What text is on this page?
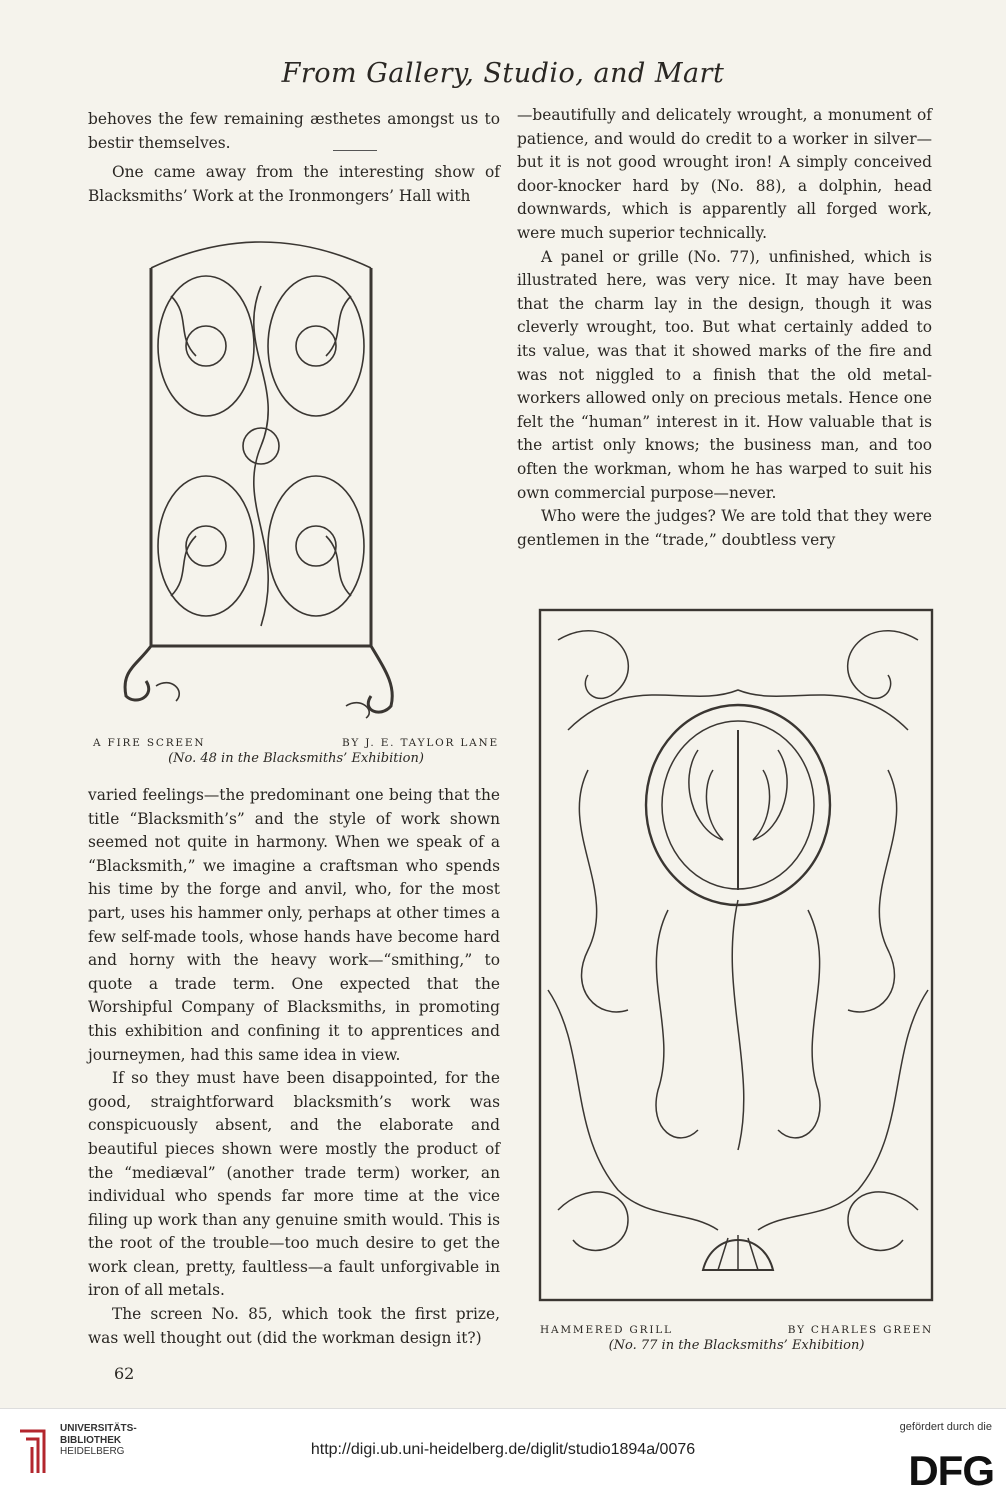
From Gallery, Studio, and Mart

behoves the few remaining æsthetes amongst us to bestir themselves.

One came away from the interesting show of Blacksmiths’ Work at the Ironmongers’ Hall with

A FIRE SCREEN	BY J. E. TAYLOR LANE
(No. 48 in the Blacksmiths’ Exhibition)

varied feelings—the predominant one being that the title “Blacksmith’s” and the style of work shown seemed not quite in harmony. When we speak of a “Blacksmith,” we imagine a craftsman who spends his time by the forge and anvil, who, for the most part, uses his hammer only, perhaps at other times a few self-made tools, whose hands have become hard and horny with the heavy work—“smithing,” to quote a trade term. One expected that the Worshipful Company of Blacksmiths, in promoting this exhibition and confining it to apprentices and journeymen, had this same idea in view.

If so they must have been disappointed, for the good, straightforward blacksmith’s work was conspicuously absent, and the elaborate and beautiful pieces shown were mostly the product of the “mediæval” (another trade term) worker, an individual who spends far more time at the vice filing up work than any genuine smith would. This is the root of the trouble—too much desire to get the work clean, pretty, faultless—a fault unforgivable in iron of all metals.

The screen No. 85, which took the first prize, was well thought out (did the workman design it?)

—beautifully and delicately wrought, a monument of patience, and would do credit to a worker in silver—but it is not good wrought iron! A simply conceived door-knocker hard by (No. 88), a dolphin, head downwards, which is apparently all forged work, were much superior technically.

A panel or grille (No. 77), unfinished, which is illustrated here, was very nice. It may have been that the charm lay in the design, though it was cleverly wrought, too. But what certainly added to its value, was that it showed marks of the fire and was not niggled to a finish that the old metal-workers allowed only on precious metals. Hence one felt the “human” interest in it. How valuable that is the artist only knows; the business man, and too often the workman, whom he has warped to suit his own commercial purpose—never.

Who were the judges? We are told that they were gentlemen in the “trade,” doubtless very

HAMMERED GRILL	BY CHARLES GREEN
(No. 77 in the Blacksmiths’ Exhibition)
62
UNIVERSITÄTS-
BIBLIOTHEK
HEIDELBERG	http://digi.ub.uni-heidelberg.de/diglit/studio1894a/0076
gefördert durch die
DFG
